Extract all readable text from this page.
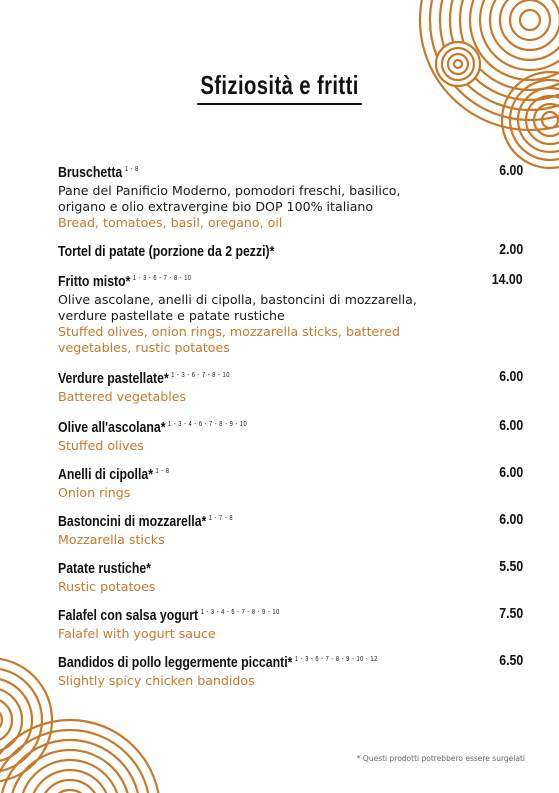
Sfiziosità e fritti
Bruschetta $^{1 - 8}$	6.00
Pane del Panificio Moderno, pomodori freschi, basilico,
origano e olio extravergine bio DOP 100% italiano
Bread, tomatoes, basil, oregano, oil
Tortel di patate (porzione da 2 pezzi)*	2.00
Fritto misto* $^{1 - 3 - 6 - 7 - 8 - 10}$	14.00
Olive ascolane, anelli di cipolla, bastoncini di mozzarella,
verdure pastellate e patate rustiche
Stuffed olives, onion rings, mozzarella sticks, battered
vegetables, rustic potatoes
Verdure pastellate* $^{1 - 3 - 6 - 7 - 8 - 10}$	6.00
Battered vegetables
Olive all'ascolana* $^{1 - 3 - 4 - 6 - 7 - 8 - 9 - 10}$	6.00
Stuffed olives
Anelli di cipolla* $^{1 - 8}$	6.00
Onion rings
Bastoncini di mozzarella* $^{1 - 7 - 8}$	6.00
Mozzarella sticks
Patate rustiche*	5.50
Rustic potatoes
Falafel con salsa yogurt $^{1 - 3 - 4 - 6 - 7 - 8 - 9 - 10}$	7.50
Falafel with yogurt sauce
Bandidos di pollo leggermente piccanti* $^{1 - 3 - 6 - 7 - 8 - 9 - 10 - 12}$	6.50
Slightly spicy chicken bandidos
* Questi prodotti potrebbero essere surgelati
